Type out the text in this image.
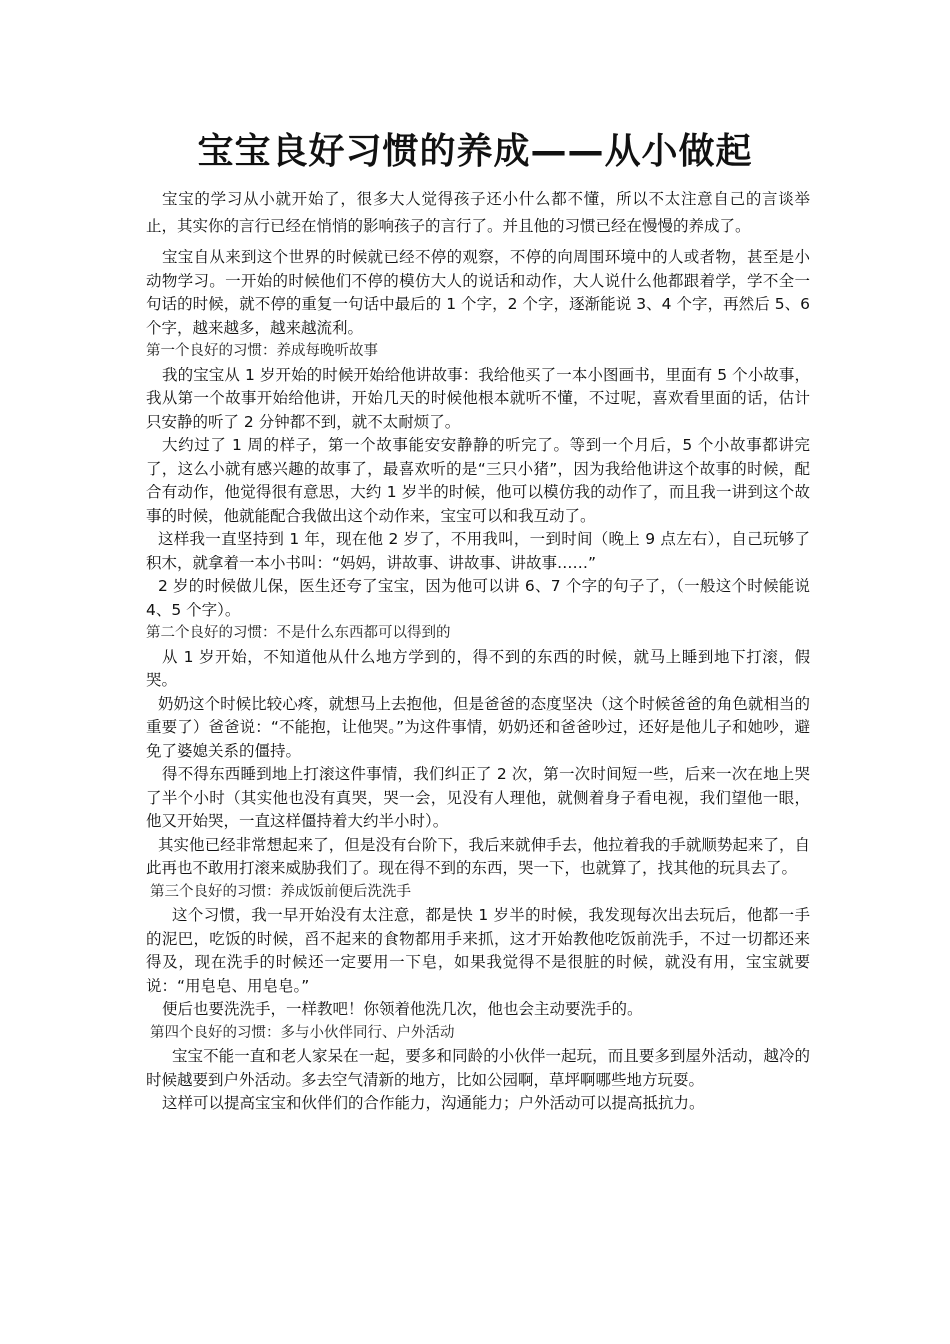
宝宝良好习惯的养成——从小做起

宝宝的学习从小就开始了，很多大人觉得孩子还小什么都不懂，所以不太注意自己的言谈举止，其实你的言行已经在悄悄的影响孩子的言行了。并且他的习惯已经在慢慢的养成了。

宝宝自从来到这个世界的时候就已经不停的观察，不停的向周围环境中的人或者物，甚至是小动物学习。一开始的时候他们不停的模仿大人的说话和动作，大人说什么他都跟着学，学不全一句话的时候，就不停的重复一句话中最后的 1 个字，2 个字，逐渐能说 3、4 个字，再然后 5、6 个字，越来越多，越来越流利。

第一个良好的习惯：养成每晚听故事

我的宝宝从 1 岁开始的时候开始给他讲故事：我给他买了一本小图画书，里面有 5 个小故事，我从第一个故事开始给他讲，开始几天的时候他根本就听不懂，不过呢，喜欢看里面的话，估计只安静的听了 2 分钟都不到，就不太耐烦了。

大约过了 1 周的样子，第一个故事能安安静静的听完了。等到一个月后，5 个小故事都讲完了，这么小就有感兴趣的故事了，最喜欢听的是“三只小猪”，因为我给他讲这个故事的时候，配合有动作，他觉得很有意思，大约 1 岁半的时候，他可以模仿我的动作了，而且我一讲到这个故事的时候，他就能配合我做出这个动作来，宝宝可以和我互动了。

这样我一直坚持到 1 年，现在他 2 岁了，不用我叫，一到时间（晚上 9 点左右），自己玩够了积木，就拿着一本小书叫：“妈妈，讲故事、讲故事、讲故事……”

2 岁的时候做儿保，医生还夸了宝宝，因为他可以讲 6、7 个字的句子了，（一般这个时候能说 4、5 个字）。

第二个良好的习惯：不是什么东西都可以得到的

从 1 岁开始，不知道他从什么地方学到的，得不到的东西的时候，就马上睡到地下打滚，假哭。

奶奶这个时候比较心疼，就想马上去抱他，但是爸爸的态度坚决（这个时候爸爸的角色就相当的重要了）爸爸说：“不能抱，让他哭。”为这件事情，奶奶还和爸爸吵过，还好是他儿子和她吵，避免了婆媳关系的僵持。

得不得东西睡到地上打滚这件事情，我们纠正了 2 次，第一次时间短一些，后来一次在地上哭了半个小时（其实他也没有真哭，哭一会，见没有人理他，就侧着身子看电视，我们望他一眼，他又开始哭，一直这样僵持着大约半小时）。

其实他已经非常想起来了，但是没有台阶下，我后来就伸手去，他拉着我的手就顺势起来了，自此再也不敢用打滚来威胁我们了。现在得不到的东西，哭一下，也就算了，找其他的玩具去了。

第三个良好的习惯：养成饭前便后洗洗手

这个习惯，我一早开始没有太注意，都是快 1 岁半的时候，我发现每次出去玩后，他都一手的泥巴，吃饭的时候，舀不起来的食物都用手来抓，这才开始教他吃饭前洗手，不过一切都还来得及，现在洗手的时候还一定要用一下皂，如果我觉得不是很脏的时候，就没有用，宝宝就要说：“用皂皂、用皂皂。”

便后也要洗洗手，一样教吧！你领着他洗几次，他也会主动要洗手的。

第四个良好的习惯：多与小伙伴同行、户外活动

宝宝不能一直和老人家呆在一起，要多和同龄的小伙伴一起玩，而且要多到屋外活动，越冷的时候越要到户外活动。多去空气清新的地方，比如公园啊，草坪啊哪些地方玩耍。

这样可以提高宝宝和伙伴们的合作能力，沟通能力；户外活动可以提高抵抗力。
